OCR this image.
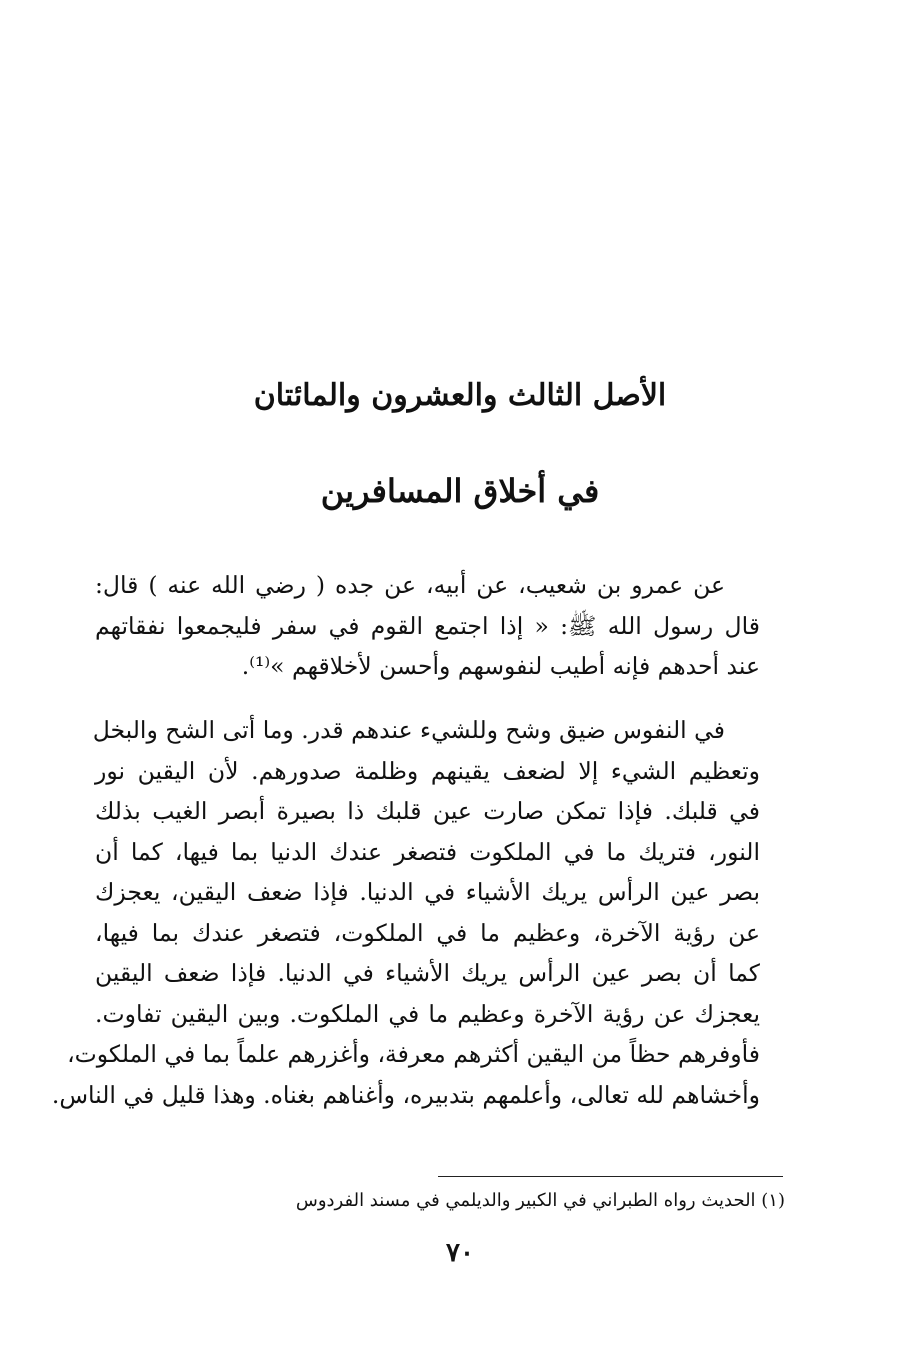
الأصل الثالث والعشرون والمائتان
في أخلاق المسافرين
عن عمرو بن شعيب، عن أبيه، عن جده ( رضي الله عنه ) قال:
قال رسول الله ﷺ: « إذا اجتمع القوم في سفر فليجمعوا نفقاتهم
عند أحدهم فإنه أطيب لنفوسهم وأحسن لأخلاقهم »⁽¹⁾.
في النفوس ضيق وشح وللشيء عندهم قدر. وما أتى الشح والبخل
وتعظيم الشيء إلا لضعف يقينهم وظلمة صدورهم. لأن اليقين نور
في قلبك. فإذا تمكن صارت عين قلبك ذا بصيرة أبصر الغيب بذلك
النور، فتريك ما في الملكوت فتصغر عندك الدنيا بما فيها، كما أن
بصر عين الرأس يريك الأشياء في الدنيا. فإذا ضعف اليقين، يعجزك
عن رؤية الآخرة، وعظيم ما في الملكوت، فتصغر عندك بما فيها،
كما أن بصر عين الرأس يريك الأشياء في الدنيا. فإذا ضعف اليقين
يعجزك عن رؤية الآخرة وعظيم ما في الملكوت. وبين اليقين تفاوت.
فأوفرهم حظاً من اليقين أكثرهم معرفة، وأغزرهم علماً بما في الملكوت،
وأخشاهم لله تعالى، وأعلمهم بتدبيره، وأغناهم بغناه. وهذا قليل في الناس.
(١) الحديث رواه الطبراني في الكبير والديلمي في مسند الفردوس
٧٠
